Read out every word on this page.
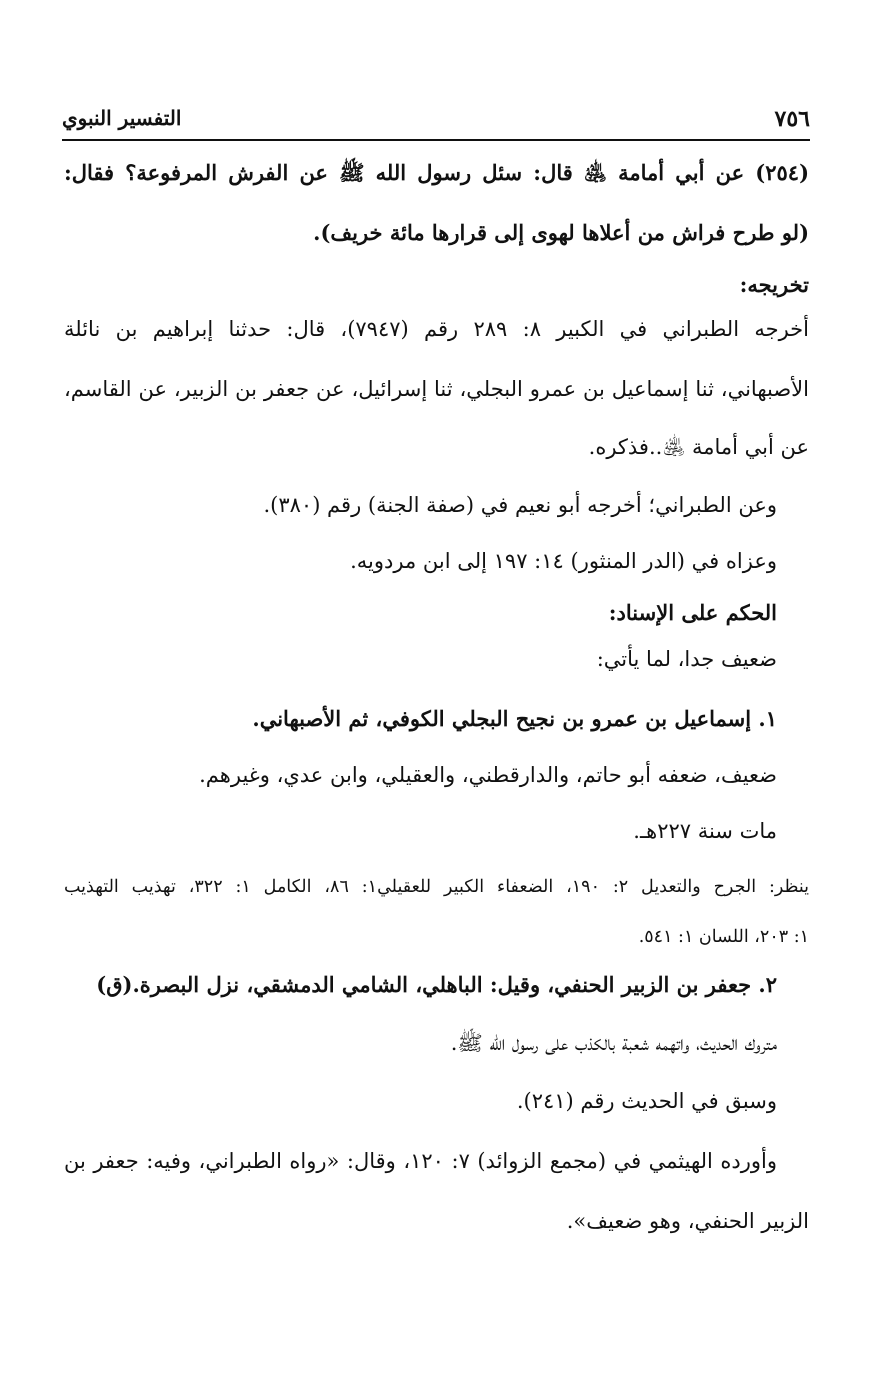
٧٥٦
التفسير النبوي
(٢٥٤) عن أبي أمامة ﵁ قال: سئل رسول الله ﷺ عن الفرش المرفوعة؟ فقال:
(لو طرح فراش من أعلاها لهوى إلى قرارها مائة خريف).
تخريجه:
أخرجه الطبراني في الكبير ٨: ٢٨٩ رقم (٧٩٤٧)، قال: حدثنا إبراهيم بن نائلة
الأصبهاني، ثنا إسماعيل بن عمرو البجلي، ثنا إسرائيل، عن جعفر بن الزبير، عن القاسم،
عن أبي أمامة ﵁..فذكره.
وعن الطبراني؛ أخرجه أبو نعيم في (صفة الجنة) رقم (٣٨٠).
وعزاه في (الدر المنثور) ١٤: ١٩٧ إلى ابن مردويه.
الحكم على الإسناد:
ضعيف جدا، لما يأتي:
١. إسماعيل بن عمرو بن نجيح البجلي الكوفي، ثم الأصبهاني.
ضعيف، ضعفه أبو حاتم، والدارقطني، والعقيلي، وابن عدي، وغيرهم.
مات سنة ٢٢٧هـ.
ينظر: الجرح والتعديل ٢: ١٩٠، الضعفاء الكبير للعقيلي١: ٨٦، الكامل ١: ٣٢٢، تهذيب التهذيب
١: ٢٠٣، اللسان ١: ٥٤١.
٢. جعفر بن الزبير الحنفي، وقيل: الباهلي، الشامي الدمشقي، نزل البصرة.(ق)
متروك الحديث، واتهمه شعبة بالكذب على رسول الله ﷺ.
وسبق في الحديث رقم (٢٤١).
وأورده الهيثمي في (مجمع الزوائد) ٧: ١٢٠، وقال: «رواه الطبراني، وفيه: جعفر بن
الزبير الحنفي، وهو ضعيف».
